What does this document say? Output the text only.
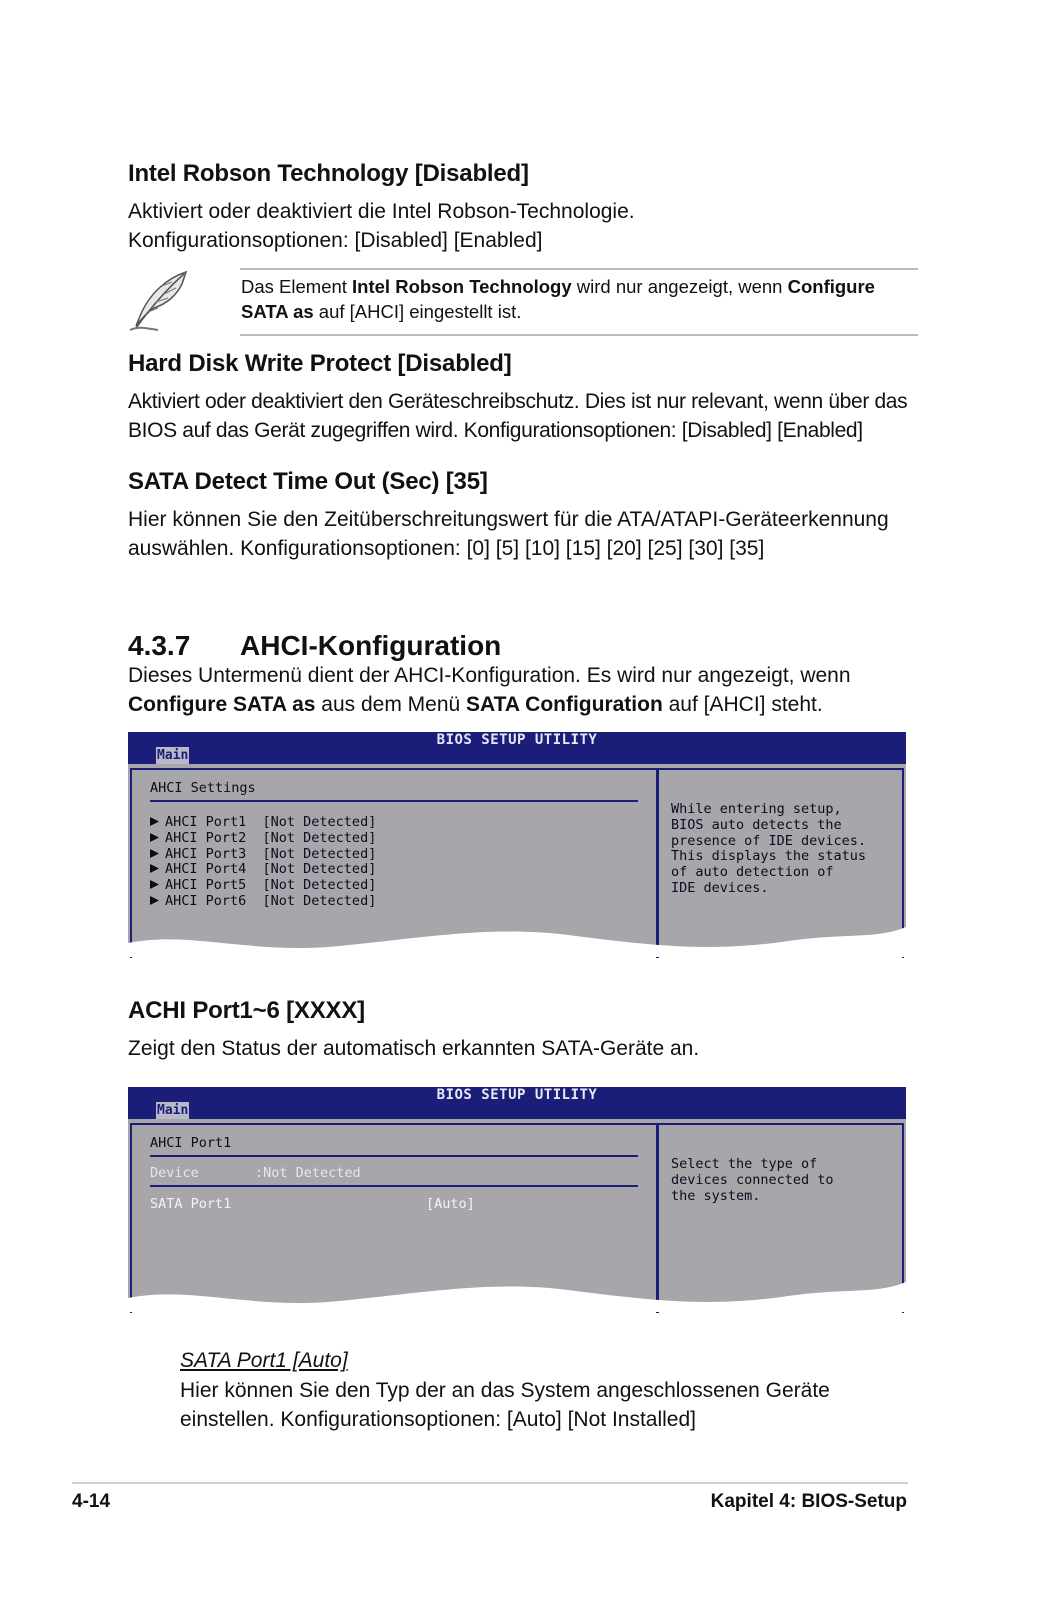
Intel Robson Technology [Disabled]

Aktiviert oder deaktiviert die Intel Robson-Technologie.

Konfigurationsoptionen: [Disabled] [Enabled]

Das Element Intel Robson Technology wird nur angezeigt, wenn Configure SATA as auf [AHCI] eingestellt ist.
Hard Disk Write Protect [Disabled]
Aktiviert oder deaktiviert den Geräteschreibschutz. Dies ist nur relevant, wenn über das BIOS auf das Gerät zugegriffen wird. Konfigurationsoptionen: [Disabled] [Enabled]
SATA Detect Time Out (Sec) [35]
Hier können Sie den Zeitüberschreitungswert für die ATA/ATAPI-Geräteerkennung auswählen. Konfigurationsoptionen: [0] [5] [10] [15] [20] [25] [30] [35]
4.3.7 AHCI-Konfiguration
Dieses Untermenü dient der AHCI-Konfiguration. Es wird nur angezeigt, wenn Configure SATA as aus dem Menü SATA Configuration auf [AHCI] steht.
BIOS SETUP UTILITY
Main
AHCI Settings
AHCI Port1  [Not Detected]
AHCI Port2  [Not Detected]
AHCI Port3  [Not Detected]
AHCI Port4  [Not Detected]
AHCI Port5  [Not Detected]
AHCI Port6  [Not Detected]
While entering setup,
BIOS auto detects the
presence of IDE devices.
This displays the status
of auto detection of
IDE devices.
ACHI Port1~6 [XXXX]
Zeigt den Status der automatisch erkannten SATA-Geräte an.
BIOS SETUP UTILITY
Main
AHCI Port1
Device	:Not Detected
SATA Port1	[Auto]
Select the type of
devices connected to
the system.
SATA Port1 [Auto]
Hier können Sie den Typ der an das System angeschlossenen Geräte einstellen. Konfigurationsoptionen: [Auto] [Not Installed]
4-14	Kapitel 4: BIOS-Setup
